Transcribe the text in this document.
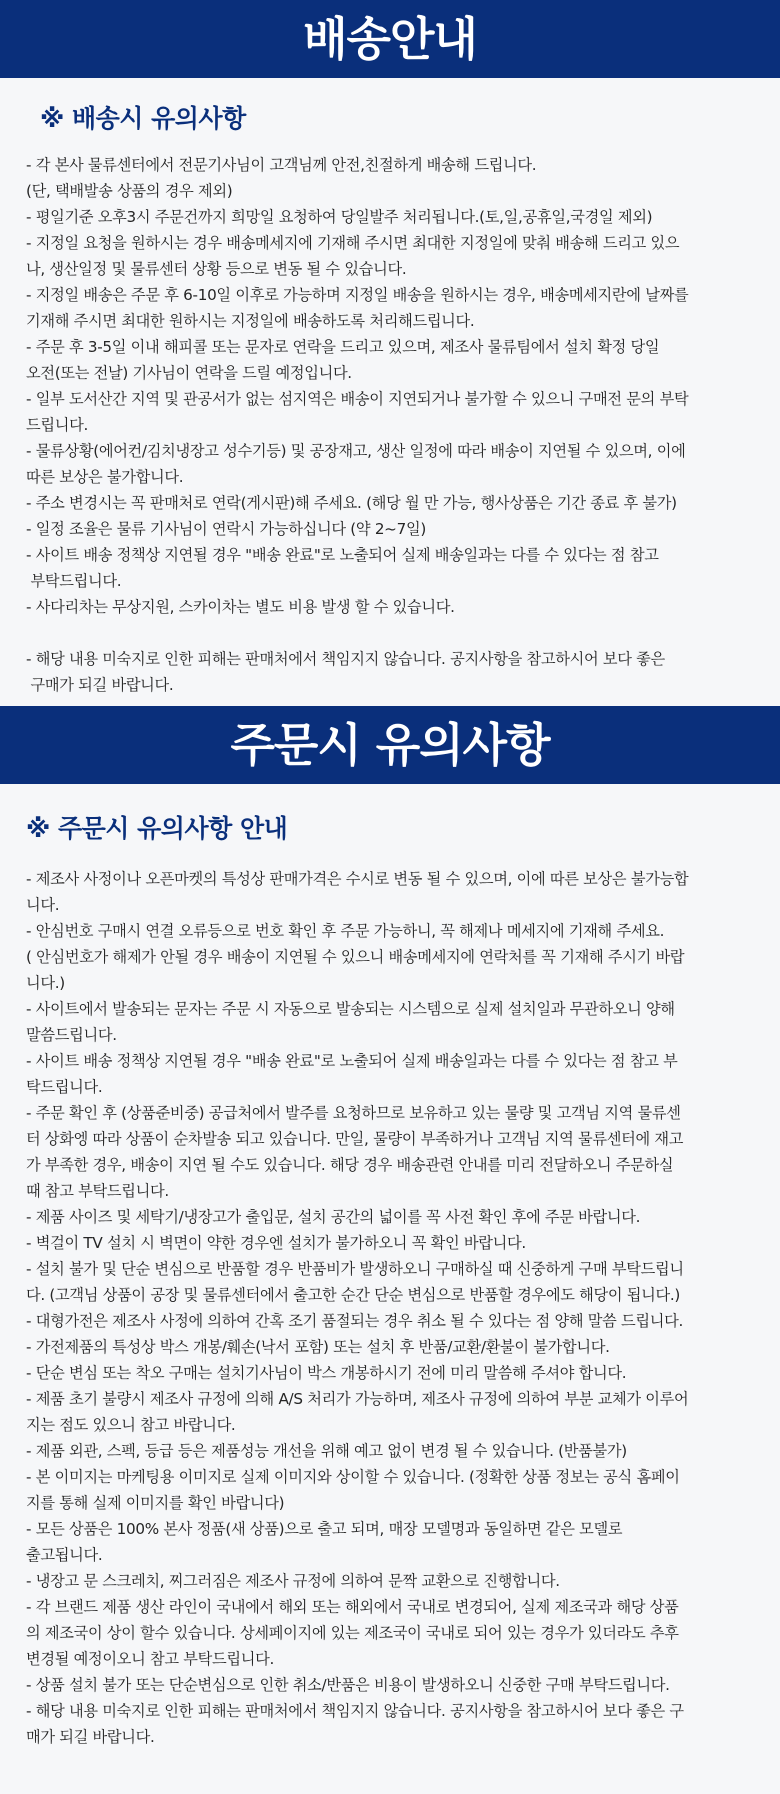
배송안내
※ 배송시 유의사항
- 각 본사 물류센터에서 전문기사님이 고객님께 안전,친절하게 배송해 드립니다.
(단, 택배발송 상품의 경우 제외)
- 평일기준 오후3시 주문건까지 희망일 요청하여 당일발주 처리됩니다.(토,일,공휴일,국경일 제외)
- 지정일 요청을 원하시는 경우 배송메세지에 기재해 주시면 최대한 지정일에 맞춰 배송해 드리고 있으
나, 생산일정 및 물류센터 상황 등으로 변동 될 수 있습니다.
- 지정일 배송은 주문 후 6-10일 이후로 가능하며 지정일 배송을 원하시는 경우, 배송메세지란에 날짜를
기재해 주시면 최대한 원하시는 지정일에 배송하도록 처리해드립니다.
- 주문 후 3-5일 이내 해피콜 또는 문자로 연락을 드리고 있으며, 제조사 물류팀에서 설치 확정 당일
오전(또는 전날) 기사님이 연락을 드릴 예정입니다.
- 일부 도서산간 지역 및 관공서가 없는 섬지역은 배송이 지연되거나 불가할 수 있으니 구매전 문의 부탁
드립니다.
- 물류상황(에어컨/김치냉장고 성수기등) 및 공장재고, 생산 일정에 따라 배송이 지연될 수 있으며, 이에
따른 보상은 불가합니다.
- 주소 변경시는 꼭 판매처로 연락(게시판)해 주세요. (해당 월 만 가능, 행사상품은 기간 종료 후 불가)
- 일정 조율은 물류 기사님이 연락시 가능하십니다 (약 2~7일)
- 사이트 배송 정책상 지연될 경우 "배송 완료"로 노출되어 실제 배송일과는 다를 수 있다는 점 참고
부탁드립니다.
- 사다리차는 무상지원, 스카이차는 별도 비용 발생 할 수 있습니다.

- 해당 내용 미숙지로 인한 피해는 판매처에서 책임지지 않습니다. 공지사항을 참고하시어 보다 좋은
구매가 되길 바랍니다.
주문시 유의사항
※ 주문시 유의사항 안내
- 제조사 사정이나 오픈마켓의 특성상 판매가격은 수시로 변동 될 수 있으며, 이에 따른 보상은 불가능합
니다.
- 안심번호 구매시 연결 오류등으로 번호 확인 후 주문 가능하니, 꼭 해제나 메세지에 기재해 주세요.
( 안심번호가 해제가 안될 경우 배송이 지연될 수 있으니 배송메세지에 연락처를 꼭 기재해 주시기 바랍
니다.)
- 사이트에서 발송되는 문자는 주문 시 자동으로 발송되는 시스템으로 실제 설치일과 무관하오니 양해
말씀드립니다.
- 사이트 배송 정책상 지연될 경우 "배송 완료"로 노출되어 실제 배송일과는 다를 수 있다는 점 참고 부
탁드립니다.
- 주문 확인 후 (상품준비중) 공급처에서 발주를 요청하므로 보유하고 있는 물량 및 고객님 지역 물류센
터 상화엥 따라 상품이 순차발송 되고 있습니다. 만일, 물량이 부족하거나 고객님 지역 물류센터에 재고
가 부족한 경우, 배송이 지연 될 수도 있습니다. 해당 경우 배송관련 안내를 미리 전달하오니 주문하실
때 참고 부탁드립니다.
- 제품 사이즈 및 세탁기/냉장고가 출입문, 설치 공간의 넓이를 꼭 사전 확인 후에 주문 바랍니다.
- 벽걸이 TV 설치 시 벽면이 약한 경우엔 설치가 불가하오니 꼭 확인 바랍니다.
- 설치 불가 및 단순 변심으로 반품할 경우 반품비가 발생하오니 구매하실 때 신중하게 구매 부탁드립니
다. (고객님 상품이 공장 및 물류센터에서 출고한 순간 단순 변심으로 반품할 경우에도 해당이 됩니다.)
- 대형가전은 제조사 사정에 의하여 간혹 조기 품절되는 경우 취소 될 수 있다는 점 양해 말씀 드립니다.
- 가전제품의 특성상 박스 개봉/훼손(낙서 포함) 또는 설치 후 반품/교환/환불이 불가합니다.
- 단순 변심 또는 착오 구매는 설치기사님이 박스 개봉하시기 전에 미리 말씀해 주셔야 합니다.
- 제품 초기 불량시 제조사 규정에 의해 A/S 처리가 가능하며, 제조사 규정에 의하여 부분 교체가 이루어
지는 점도 있으니 참고 바랍니다.
- 제품 외관, 스펙, 등급 등은 제품성능 개선을 위해 예고 없이 변경 될 수 있습니다. (반품불가)
- 본 이미지는 마케팅용 이미지로 실제 이미지와 상이할 수 있습니다. (정확한 상품 정보는 공식 홈페이
지를 통해 실제 이미지를 확인 바랍니다)
- 모든 상품은 100% 본사 정품(새 상품)으로 출고 되며, 매장 모델명과 동일하면 같은 모델로
출고됩니다.
- 냉장고 문 스크레치, 찌그러짐은 제조사 규정에 의하여 문짝 교환으로 진행합니다.
- 각 브랜드 제품 생산 라인이 국내에서 해외 또는 해외에서 국내로 변경되어, 실제 제조국과 해당 상품
의 제조국이 상이 할수 있습니다. 상세페이지에 있는 제조국이 국내로 되어 있는 경우가 있더라도 추후
변경될 예정이오니 참고 부탁드립니다.
- 상품 설치 불가 또는 단순변심으로 인한 취소/반품은 비용이 발생하오니 신중한 구매 부탁드립니다.
- 해당 내용 미숙지로 인한 피해는 판매처에서 책임지지 않습니다. 공지사항을 참고하시어 보다 좋은 구
매가 되길 바랍니다.
